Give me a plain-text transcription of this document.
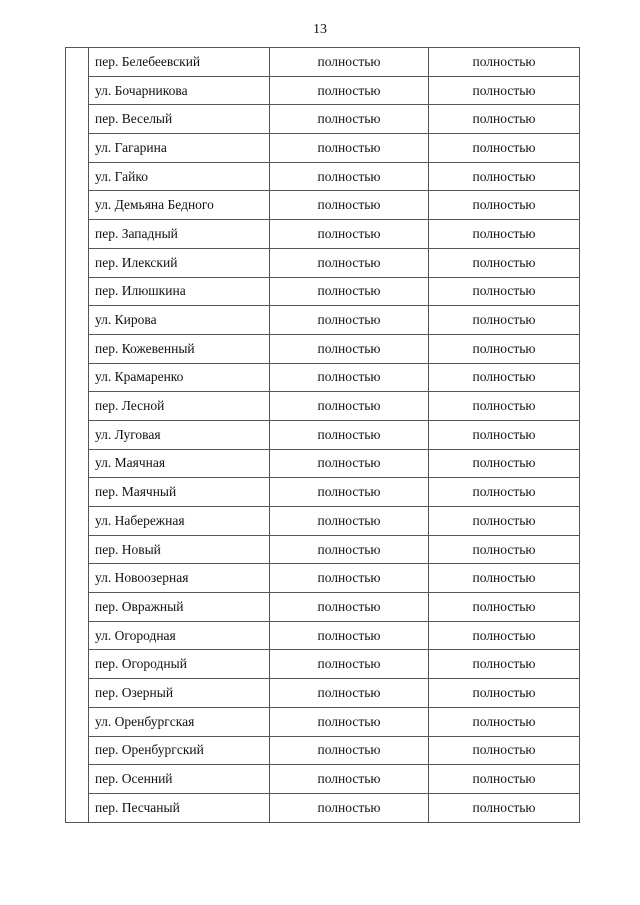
13
	пер. Белебеевский	полностью	полностью
	ул. Бочарникова	полностью	полностью
	пер. Веселый	полностью	полностью
	ул. Гагарина	полностью	полностью
	ул. Гайко	полностью	полностью
	ул. Демьяна Бедного	полностью	полностью
	пер. Западный	полностью	полностью
	пер. Илекский	полностью	полностью
	пер. Илюшкина	полностью	полностью
	ул. Кирова	полностью	полностью
	пер. Кожевенный	полностью	полностью
	ул. Крамаренко	полностью	полностью
	пер. Лесной	полностью	полностью
	ул. Луговая	полностью	полностью
	ул. Маячная	полностью	полностью
	пер. Маячный	полностью	полностью
	ул. Набережная	полностью	полностью
	пер. Новый	полностью	полностью
	ул. Новоозерная	полностью	полностью
	пер. Овражный	полностью	полностью
	ул. Огородная	полностью	полностью
	пер. Огородный	полностью	полностью
	пер. Озерный	полностью	полностью
	ул. Оренбургская	полностью	полностью
	пер. Оренбургский	полностью	полностью
	пер. Осенний	полностью	полностью
	пер. Песчаный	полностью	полностью
